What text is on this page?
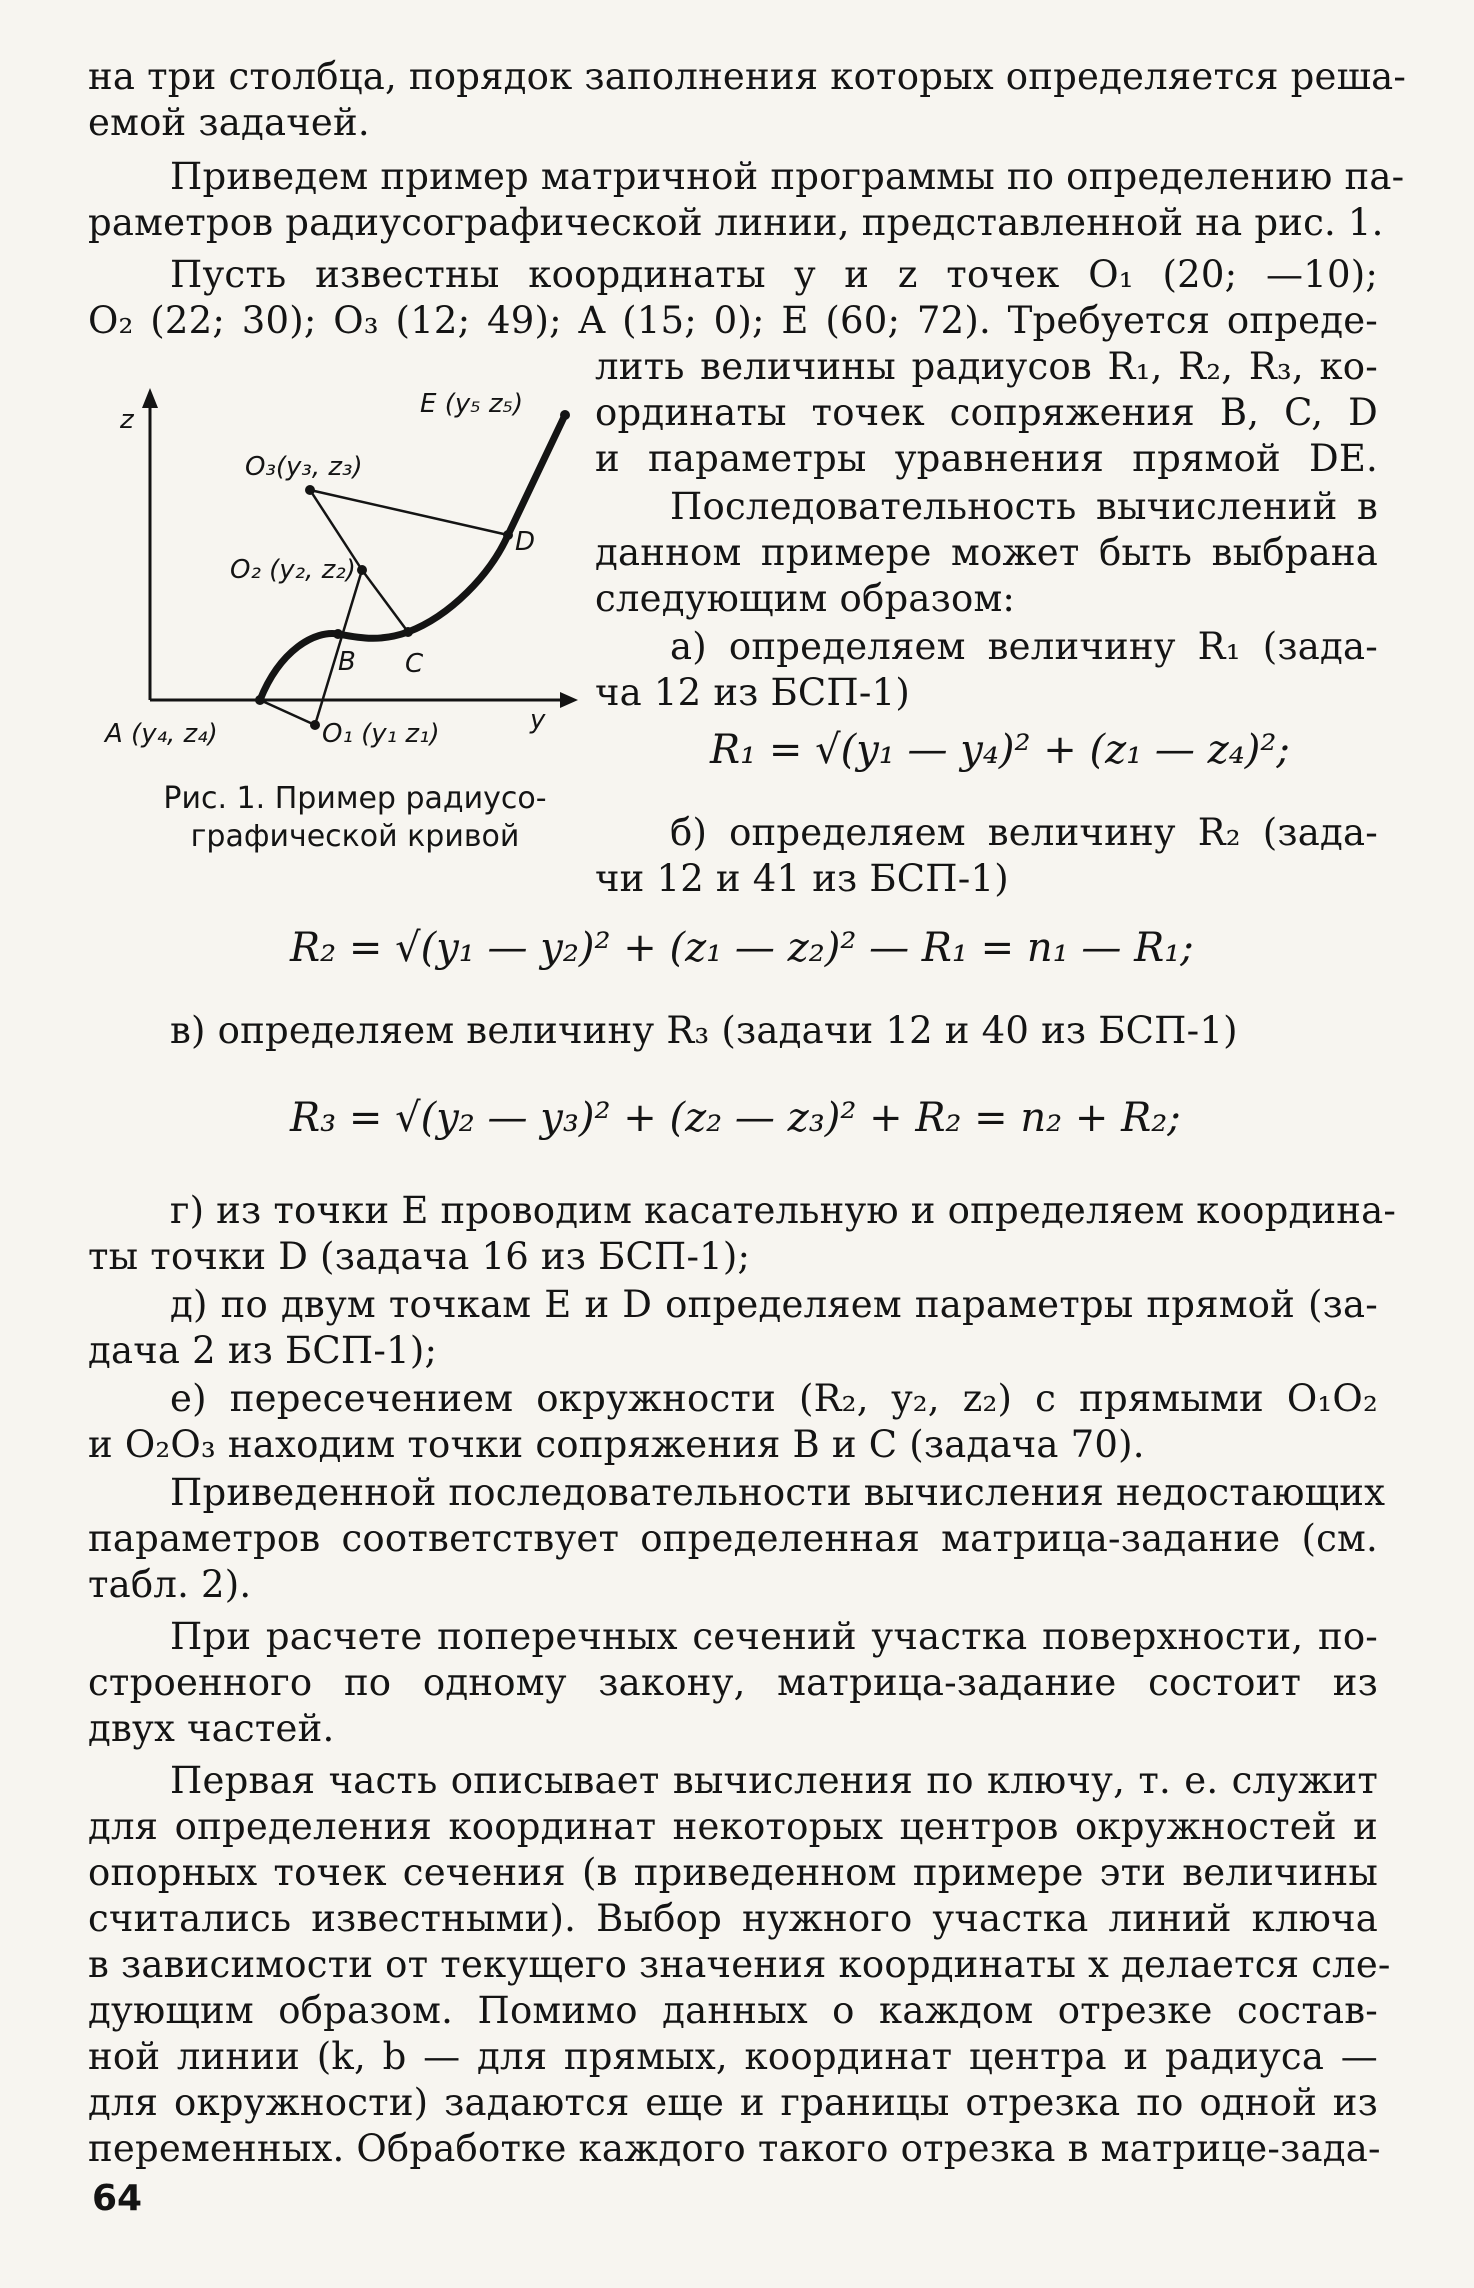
на три столбца, порядок заполнения которых определяется реша-
емой задачей.
Приведем пример матричной программы по определению па-
раметров радиусографической линии, представленной на рис. 1.
Пусть известны координаты y и z точек O₁ (20; —10);
O₂ (22; 30); O₃ (12; 49); A (15; 0); E (60; 72). Требуется опреде-
лить величины радиусов R₁, R₂, R₃, ко-
ординаты точек сопряжения B, C, D
и параметры уравнения прямой DE.
Последовательность вычислений в
данном примере может быть выбрана
следующим образом:
а) определяем величину R₁ (зада-
ча 12 из БСП-1)
R₁ = √(y₁ — y₄)² + (z₁ — z₄)²;
б) определяем величину R₂ (зада-
чи 12 и 41 из БСП-1)
z
y
E (y₅ z₅)
O₃(y₃, z₃)
O₂ (y₂, z₂)
D
B C
A (y₄, z₄)	O₁ (y₁ z₁)
Рис. 1. Пример радиусо-
графической кривой
R₂ = √(y₁ — y₂)² + (z₁ — z₂)² — R₁ = n₁ — R₁;
в) определяем величину R₃ (задачи 12 и 40 из БСП-1)
R₃ = √(y₂ — y₃)² + (z₂ — z₃)² + R₂ = n₂ + R₂;
г) из точки E проводим касательную и определяем координа-
ты точки D (задача 16 из БСП-1);
д) по двум точкам E и D определяем параметры прямой (за-
дача 2 из БСП-1);
е) пересечением окружности (R₂, y₂, z₂) с прямыми O₁O₂
и O₂O₃ находим точки сопряжения B и C (задача 70).
Приведенной последовательности вычисления недостающих
параметров соответствует определенная матрица-задание (см.
табл. 2).
При расчете поперечных сечений участка поверхности, по-
строенного по одному закону, матрица-задание состоит из
двух частей.
Первая часть описывает вычисления по ключу, т. е. служит
для определения координат некоторых центров окружностей и
опорных точек сечения (в приведенном примере эти величины
считались известными). Выбор нужного участка линий ключа
в зависимости от текущего значения координаты x делается сле-
дующим образом. Помимо данных о каждом отрезке состав-
ной линии (k, b — для прямых, координат центра и радиуса —
для окружности) задаются еще и границы отрезка по одной из
переменных. Обработке каждого такого отрезка в матрице-зада-
64
